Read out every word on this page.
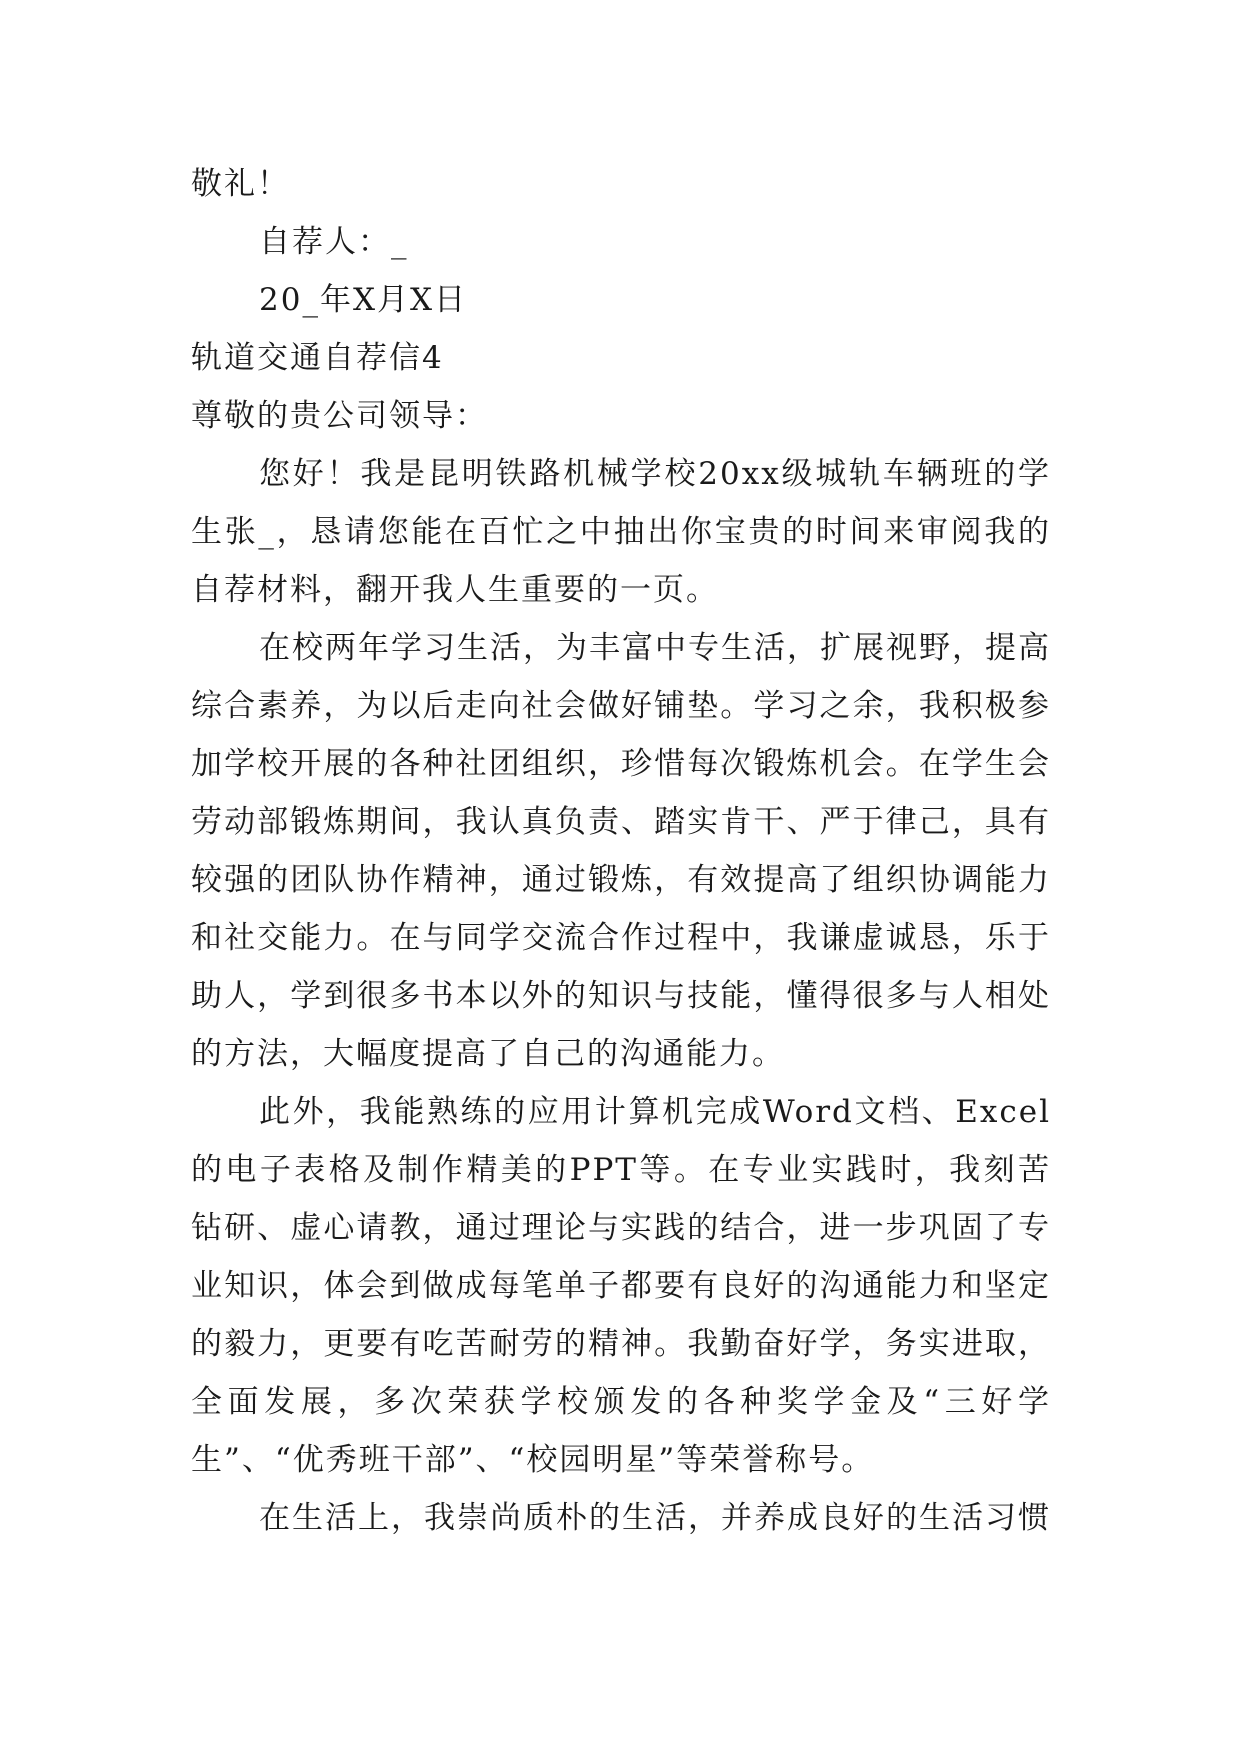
敬礼！
自荐人：_
20_年X月X日
轨道交通自荐信4
尊敬的贵公司领导：

您好！我是昆明铁路机械学校20xx级城轨车辆班的学生张_，恳请您能在百忙之中抽出你宝贵的时间来审阅我的自荐材料，翻开我人生重要的一页。

在校两年学习生活，为丰富中专生活，扩展视野，提高综合素养，为以后走向社会做好铺垫。学习之余，我积极参加学校开展的各种社团组织，珍惜每次锻炼机会。在学生会劳动部锻炼期间，我认真负责、踏实肯干、严于律己，具有较强的团队协作精神，通过锻炼，有效提高了组织协调能力和社交能力。在与同学交流合作过程中，我谦虚诚恳，乐于助人，学到很多书本以外的知识与技能，懂得很多与人相处的方法，大幅度提高了自己的沟通能力。

此外，我能熟练的应用计算机完成Word文档、Excel的电子表格及制作精美的PPT等。在专业实践时，我刻苦钻研、虚心请教，通过理论与实践的结合，进一步巩固了专业知识，体会到做成每笔单子都要有良好的沟通能力和坚定的毅力，更要有吃苦耐劳的精神。我勤奋好学，务实进取，全面发展，多次荣获学校颁发的各种奖学金及“三好学生”、“优秀班干部”、“校园明星”等荣誉称号。

在生活上，我崇尚质朴的生活，并养成良好的生活习惯
